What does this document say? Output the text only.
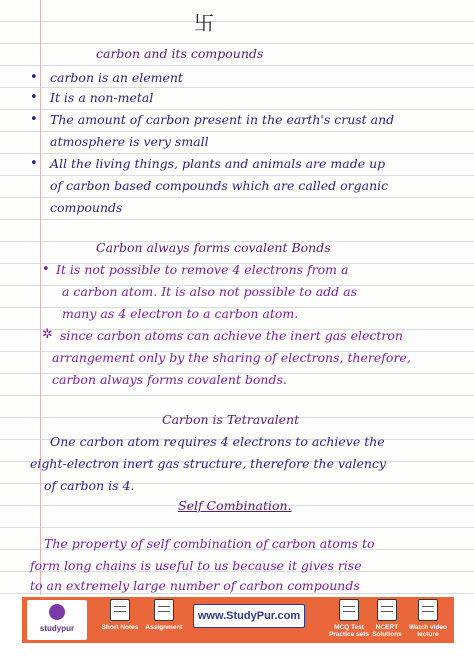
卐
carbon and its compounds
• carbon is an element
• It is a non-metal
• The amount of carbon present in the earth's crust and
atmosphere is very small
• All the living things, plants and animals are made up
of carbon based compounds which are called organic
compounds
Carbon always forms covalent Bonds
• It is not possible to remove 4 electrons from a
a carbon atom. It is also not possible to add as
many as 4 electron to a carbon atom.
✲ since carbon atoms can achieve the inert gas electron
arrangement only by the sharing of electrons, therefore,
carbon always forms covalent bonds.
Carbon is Tetravalent
One carbon atom requires 4 electrons to achieve the
eight-electron inert gas structure, therefore the valency
of carbon is 4.
Self Combination.
The property of self combination of carbon atoms to
form long chains is useful to us because it gives rise
to an extremely large number of carbon compounds
studypur	Short Notes	Assignment
www.StudyPur.com
MCQ Test Practice sets
NCERT Solutions
Watch video lecture
